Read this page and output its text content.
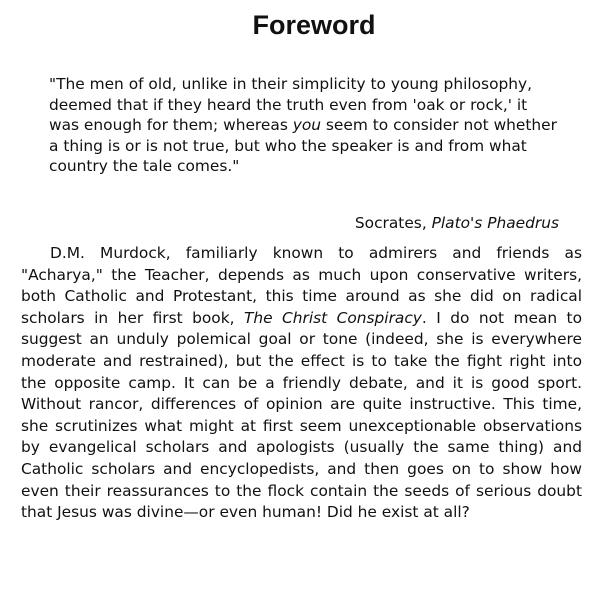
Foreword

"The men of old, unlike in their simplicity to young philosophy, deemed that if they heard the truth even from 'oak or rock,' it was enough for them; whereas you seem to consider not whether a thing is or is not true, but who the speaker is and from what country the tale comes."

Socrates, Plato's Phaedrus

D.M. Murdock, familiarly known to admirers and friends as "Acharya," the Teacher, depends as much upon conservative writers, both Catholic and Protestant, this time around as she did on radical scholars in her first book, The Christ Conspiracy. I do not mean to suggest an unduly polemical goal or tone (indeed, she is everywhere moderate and restrained), but the effect is to take the fight right into the opposite camp. It can be a friendly debate, and it is good sport. Without rancor, differences of opinion are quite instructive. This time, she scrutinizes what might at first seem unexceptionable observations by evangelical scholars and apologists (usually the same thing) and Catholic scholars and encyclopedists, and then goes on to show how even their reassurances to the flock contain the seeds of serious doubt that Jesus was divine—or even human! Did he exist at all?
